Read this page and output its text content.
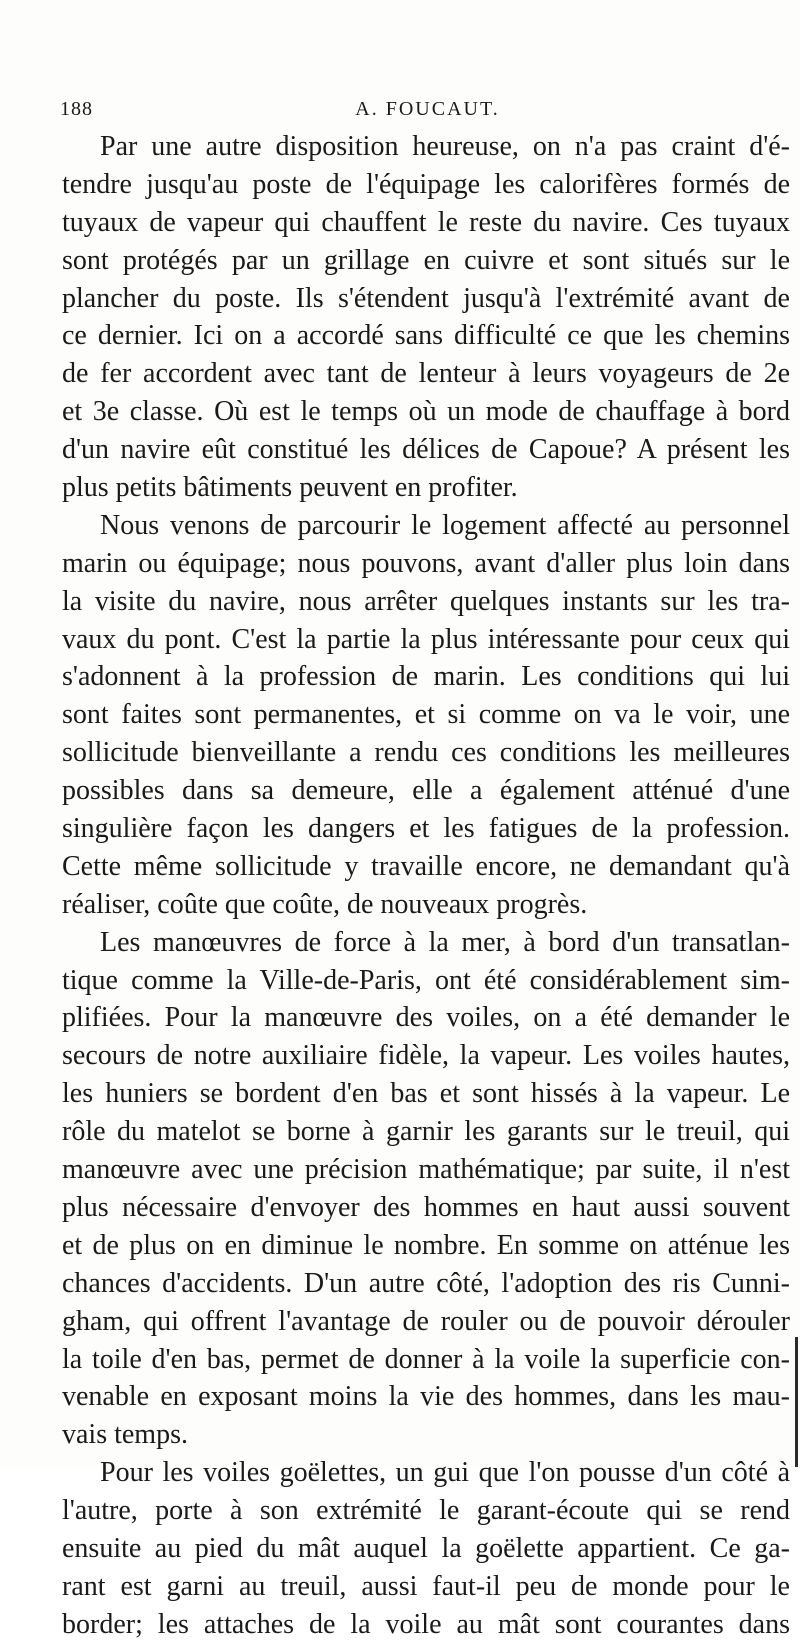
188	A. FOUCAUT.
Par une autre disposition heureuse, on n'a pas craint d'é-
tendre jusqu'au poste de l'équipage les calorifères formés de
tuyaux de vapeur qui chauffent le reste du navire. Ces tuyaux
sont protégés par un grillage en cuivre et sont situés sur le
plancher du poste. Ils s'étendent jusqu'à l'extrémité avant de
ce dernier. Ici on a accordé sans difficulté ce que les chemins
de fer accordent avec tant de lenteur à leurs voyageurs de 2e
et 3e classe. Où est le temps où un mode de chauffage à bord
d'un navire eût constitué les délices de Capoue? A présent les
plus petits bâtiments peuvent en profiter.
Nous venons de parcourir le logement affecté au personnel
marin ou équipage; nous pouvons, avant d'aller plus loin dans
la visite du navire, nous arrêter quelques instants sur les tra-
vaux du pont. C'est la partie la plus intéressante pour ceux qui
s'adonnent à la profession de marin. Les conditions qui lui
sont faites sont permanentes, et si comme on va le voir, une
sollicitude bienveillante a rendu ces conditions les meilleures
possibles dans sa demeure, elle a également atténué d'une
singulière façon les dangers et les fatigues de la profession.
Cette même sollicitude y travaille encore, ne demandant qu'à
réaliser, coûte que coûte, de nouveaux progrès.
Les manœuvres de force à la mer, à bord d'un transatlan-
tique comme la Ville-de-Paris, ont été considérablement sim-
plifiées. Pour la manœuvre des voiles, on a été demander le
secours de notre auxiliaire fidèle, la vapeur. Les voiles hautes,
les huniers se bordent d'en bas et sont hissés à la vapeur. Le
rôle du matelot se borne à garnir les garants sur le treuil, qui
manœuvre avec une précision mathématique; par suite, il n'est
plus nécessaire d'envoyer des hommes en haut aussi souvent
et de plus on en diminue le nombre. En somme on atténue les
chances d'accidents. D'un autre côté, l'adoption des ris Cunni-
gham, qui offrent l'avantage de rouler ou de pouvoir dérouler
la toile d'en bas, permet de donner à la voile la superficie con-
venable en exposant moins la vie des hommes, dans les mau-
vais temps.
Pour les voiles goëlettes, un gui que l'on pousse d'un côté à
l'autre, porte à son extrémité le garant-écoute qui se rend
ensuite au pied du mât auquel la goëlette appartient. Ce ga-
rant est garni au treuil, aussi faut-il peu de monde pour le
border; les attaches de la voile au mât sont courantes dans
